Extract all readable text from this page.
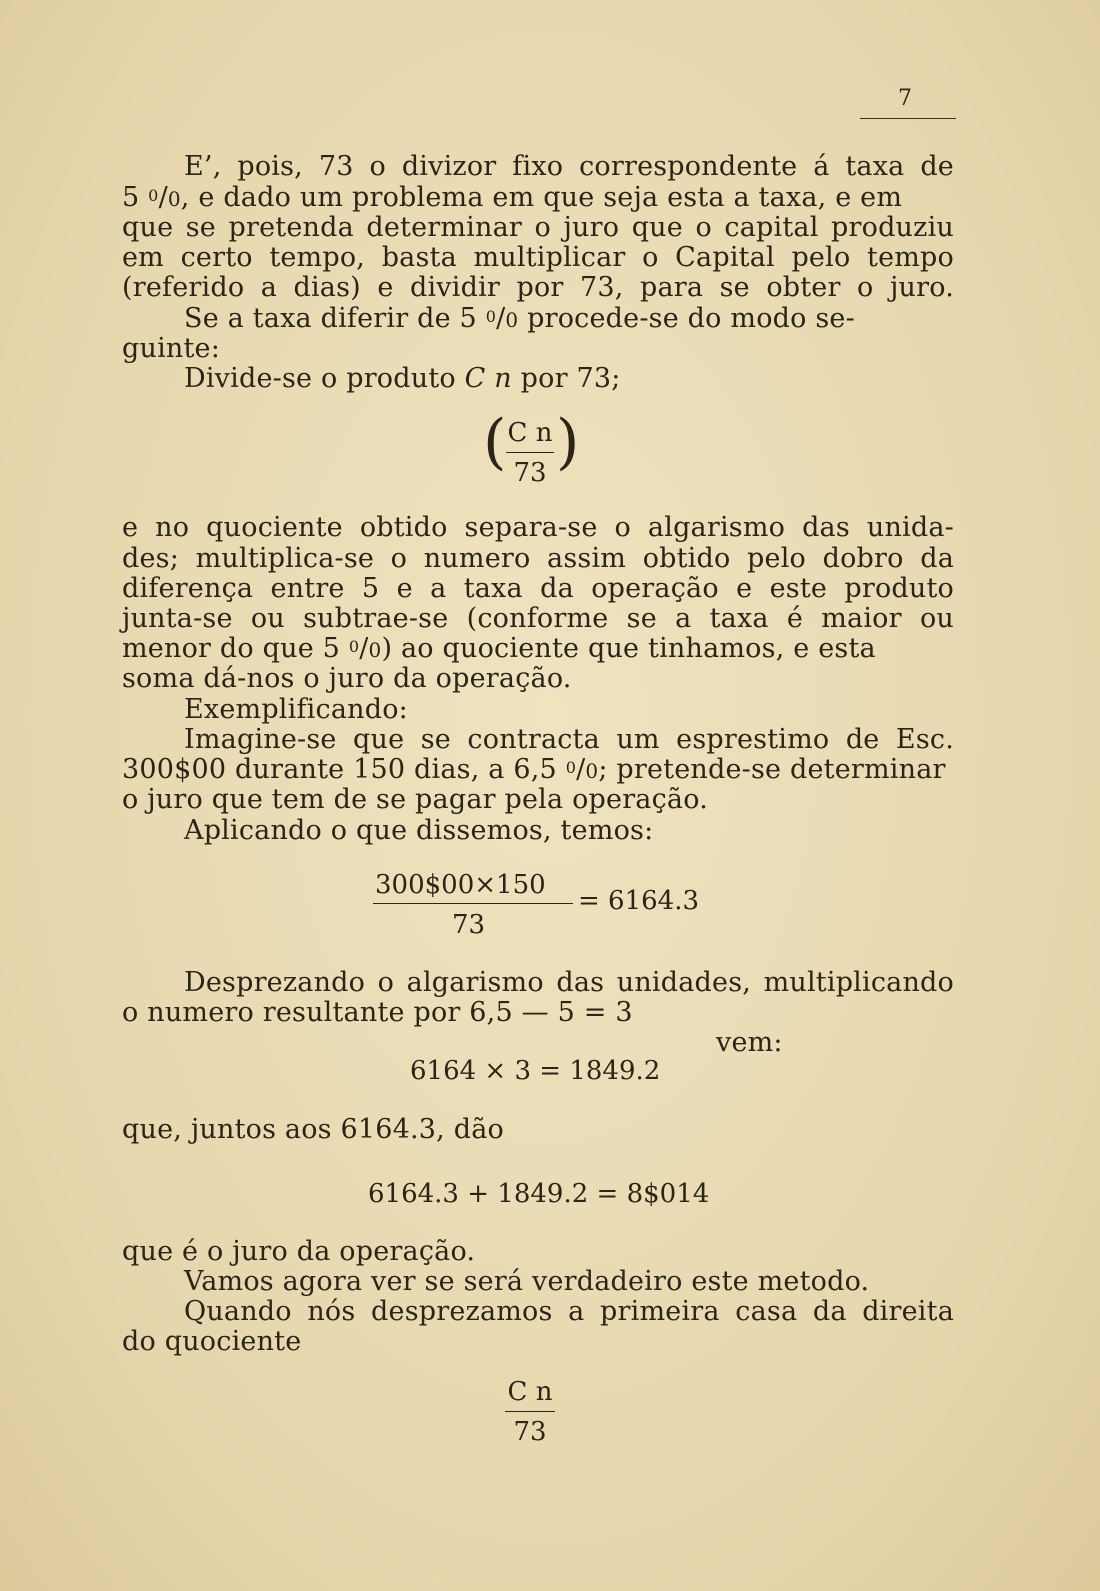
7
E’, pois, 73 o divizor fixo correspondente á taxa de
5 $^0$/0, e dado um problema em que seja esta a taxa, e em
que se pretenda determinar o juro que o capital produziu
em certo tempo, basta multiplicar o Capital pelo tempo
(referido a dias) e dividir por 73, para se obter o juro.
Se a taxa diferir de 5 $^0$/0 procede-se do modo se-
guinte:
Divide-se o produto C n por 73;
( C n
73 )
e no quociente obtido separa-se o algarismo das unida-
des; multiplica-se o numero assim obtido pelo dobro da
diferença entre 5 e a taxa da operação e este produto
junta-se ou subtrae-se (conforme se a taxa é maior ou
menor do que 5 $^0$/0) ao quociente que tinhamos, e esta
soma dá-nos o juro da operação.
Exemplificando:
Imagine-se que se contracta um esprestimo de Esc.
300$00 durante 150 dias, a 6,5 $^0$/0; pretende-se determinar
o juro que tem de se pagar pela operação.
Aplicando o que dissemos, temos:
300$00×150
= 6164.3
73
Desprezando o algarismo das unidades, multiplicando
o numero resultante por 6,5 — 5 = 3
vem:
6164 × 3 = 1849.2
que, juntos aos 6164.3, dão
6164.3 + 1849.2 = 8$014
que é o juro da operação.
Vamos agora ver se será verdadeiro este metodo.
Quando nós desprezamos a primeira casa da direita
do quociente
C n
73
